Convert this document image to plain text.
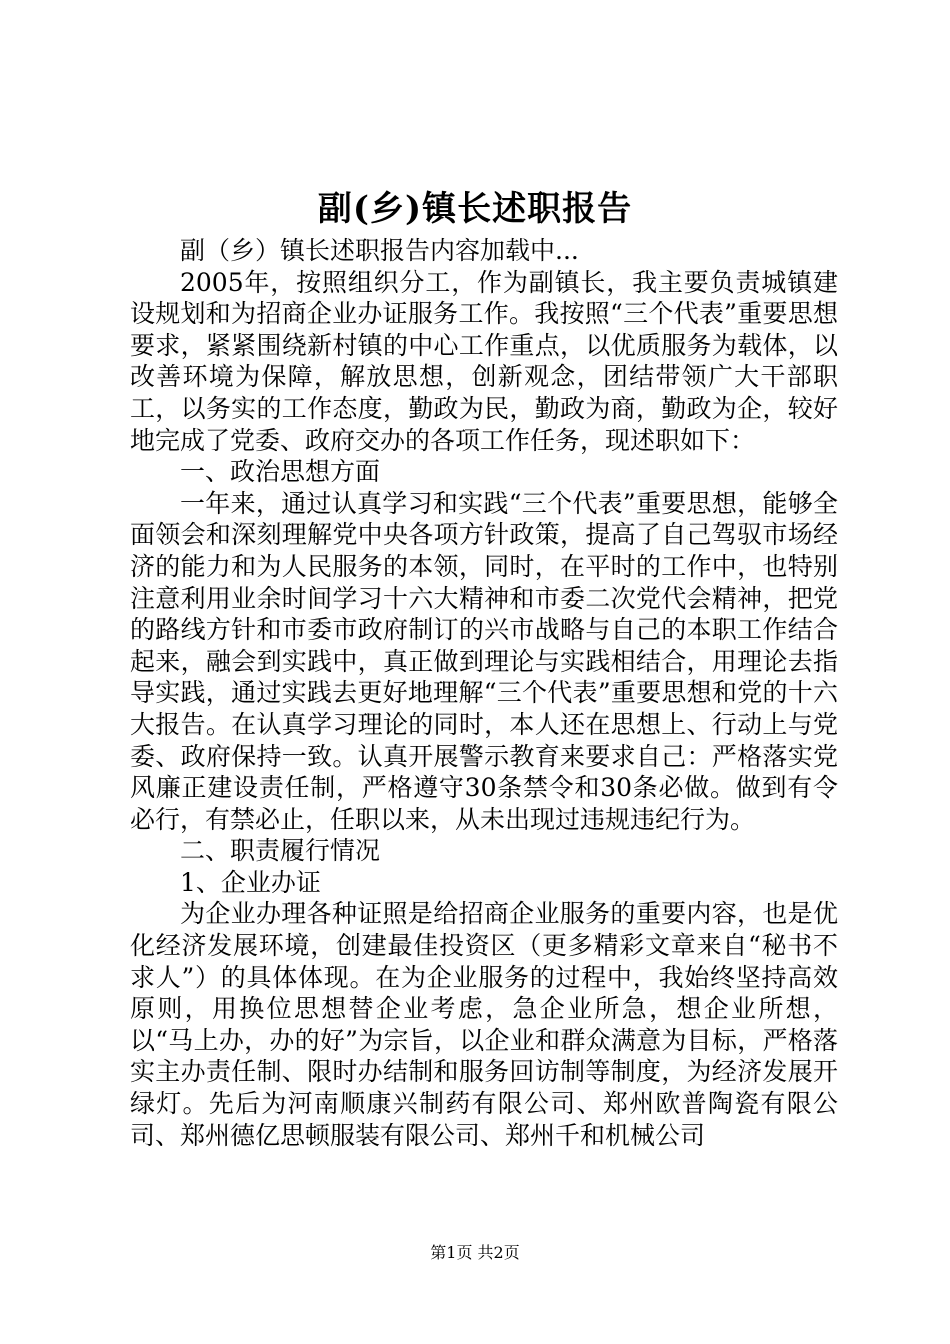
副(乡)镇长述职报告

副（乡）镇长述职报告内容加载中...

2005年，按照组织分工，作为副镇长，我主要负责城镇建设规划和为招商企业办证服务工作。我按照“三个代表”重要思想要求，紧紧围绕新村镇的中心工作重点，以优质服务为载体，以改善环境为保障，解放思想，创新观念，团结带领广大干部职工，以务实的工作态度，勤政为民，勤政为商，勤政为企，较好地完成了党委、政府交办的各项工作任务，现述职如下：

一、政治思想方面

一年来，通过认真学习和实践“三个代表”重要思想，能够全面领会和深刻理解党中央各项方针政策，提高了自己驾驭市场经济的能力和为人民服务的本领，同时，在平时的工作中，也特别注意利用业余时间学习十六大精神和市委二次党代会精神，把党的路线方针和市委市政府制订的兴市战略与自己的本职工作结合起来，融会到实践中，真正做到理论与实践相结合，用理论去指导实践，通过实践去更好地理解“三个代表”重要思想和党的十六大报告。在认真学习理论的同时，本人还在思想上、行动上与党委、政府保持一致。认真开展警示教育来要求自己：严格落实党风廉正建设责任制，严格遵守30条禁令和30条必做。做到有令必行，有禁必止，任职以来，从未出现过违规违纪行为。

二、职责履行情况

1、企业办证

为企业办理各种证照是给招商企业服务的重要内容，也是优化经济发展环境，创建最佳投资区（更多精彩文章来自“秘书不求人”）的具体体现。在为企业服务的过程中，我始终坚持高效原则，用换位思想替企业考虑，急企业所急，想企业所想，以“马上办，办的好”为宗旨，以企业和群众满意为目标，严格落实主办责任制、限时办结制和服务回访制等制度，为经济发展开绿灯。先后为河南顺康兴制药有限公司、郑州欧普陶瓷有限公司、郑州德亿思顿服装有限公司、郑州千和机械公司

第1页 共2页
